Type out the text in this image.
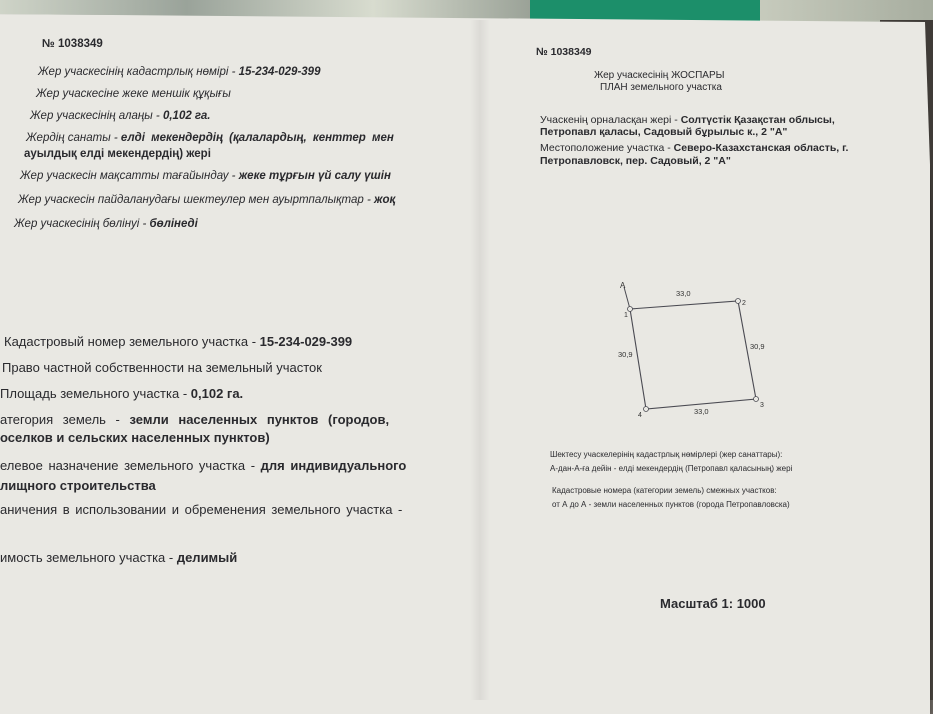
№ 1038349
Жер учаскесінің кадастрлық нөмірі - 15-234-029-399
Жер учаскесіне жеке меншік құқығы
Жер учаскесінің алаңы - 0,102 га.
Жердің санаты - елді мекендердің (қалалардың, кенттер мен
ауылдық елді мекендердің) жері
Жер учаскесін мақсатты тағайындау - жеке тұрғын үй салу үшін
Жер учаскесін пайдаланудағы шектеулер мен ауыртпалықтар - жоқ
Жер учаскесінің бөлінуі - бөлінеді
Кадастровый номер земельного участка - 15-234-029-399
Право частной собственности на земельный участок
Площадь земельного участка - 0,102 га.
атегория земель - земли населенных пунктов (городов,
оселков и сельских населенных пунктов)
елевое назначение земельного участка - для индивидуального
лищного строительства
аничения в использовании и обременения земельного участка -
имость земельного участка - делимый
№ 1038349
Жер учаскесінің ЖОСПАРЫ
ПЛАН земельного участка
Учаскенің орналасқан жері - Солтүстік Қазақстан облысы,
Петропавл қаласы, Садовый бұрылыс к., 2 "А"
Местоположение участка - Северо-Казахстанская область, г.
Петропавловск, пер. Садовый, 2 "А"
A
1
2
3
4
33,0
33,0
30,9
30,9
Шектесу учаскелерінің кадастрлық нөмірлері (жер санаттары):
А-дан-А-ға дейін - елді мекендердің (Петропавл қаласының) жері
Кадастровые номера (категории земель) смежных участков:
от А до А - земли населенных пунктов (города Петропавловска)
Масштаб 1: 1000
